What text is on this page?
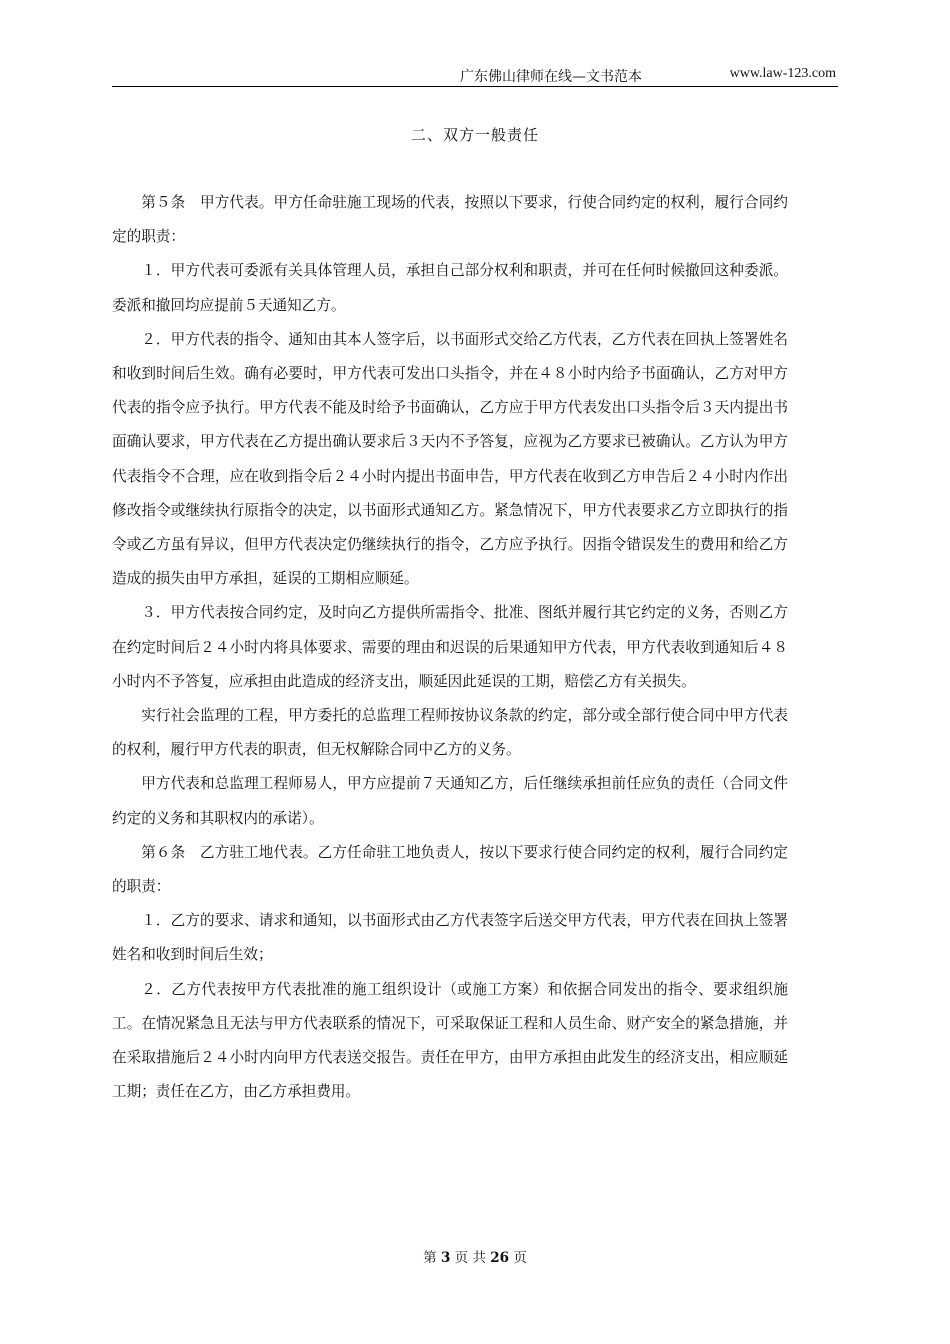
广东佛山律师在线—文书范本	www.law-123.com
二、双方一般责任

第５条　甲方代表。甲方任命驻施工现场的代表，按照以下要求，行使合同约定的权利，履行合同约定的职责：

１．甲方代表可委派有关具体管理人员，承担自己部分权利和职责，并可在任何时候撤回这种委派。委派和撤回均应提前５天通知乙方。

２．甲方代表的指令、通知由其本人签字后，以书面形式交给乙方代表，乙方代表在回执上签署姓名和收到时间后生效。确有必要时，甲方代表可发出口头指令，并在４８小时内给予书面确认，乙方对甲方代表的指令应予执行。甲方代表不能及时给予书面确认，乙方应于甲方代表发出口头指令后３天内提出书面确认要求，甲方代表在乙方提出确认要求后３天内不予答复，应视为乙方要求已被确认。乙方认为甲方代表指令不合理，应在收到指令后２４小时内提出书面申告，甲方代表在收到乙方申告后２４小时内作出修改指令或继续执行原指令的决定，以书面形式通知乙方。紧急情况下，甲方代表要求乙方立即执行的指令或乙方虽有异议，但甲方代表决定仍继续执行的指令，乙方应予执行。因指令错误发生的费用和给乙方造成的损失由甲方承担，延误的工期相应顺延。

３．甲方代表按合同约定，及时向乙方提供所需指令、批准、图纸并履行其它约定的义务，否则乙方在约定时间后２４小时内将具体要求、需要的理由和迟误的后果通知甲方代表，甲方代表收到通知后４８小时内不予答复，应承担由此造成的经济支出，顺延因此延误的工期，赔偿乙方有关损失。

实行社会监理的工程，甲方委托的总监理工程师按协议条款的约定，部分或全部行使合同中甲方代表的权利，履行甲方代表的职责，但无权解除合同中乙方的义务。

甲方代表和总监理工程师易人，甲方应提前７天通知乙方，后任继续承担前任应负的责任（合同文件约定的义务和其职权内的承诺）。

第６条　乙方驻工地代表。乙方任命驻工地负责人，按以下要求行使合同约定的权利，履行合同约定的职责：

１．乙方的要求、请求和通知，以书面形式由乙方代表签字后送交甲方代表，甲方代表在回执上签署姓名和收到时间后生效；

２．乙方代表按甲方代表批准的施工组织设计（或施工方案）和依据合同发出的指令、要求组织施工。在情况紧急且无法与甲方代表联系的情况下，可采取保证工程和人员生命、财产安全的紧急措施，并在采取措施后２４小时内向甲方代表送交报告。责任在甲方，由甲方承担由此发生的经济支出，相应顺延工期；责任在乙方，由乙方承担费用。

第 3 页 共 26 页
